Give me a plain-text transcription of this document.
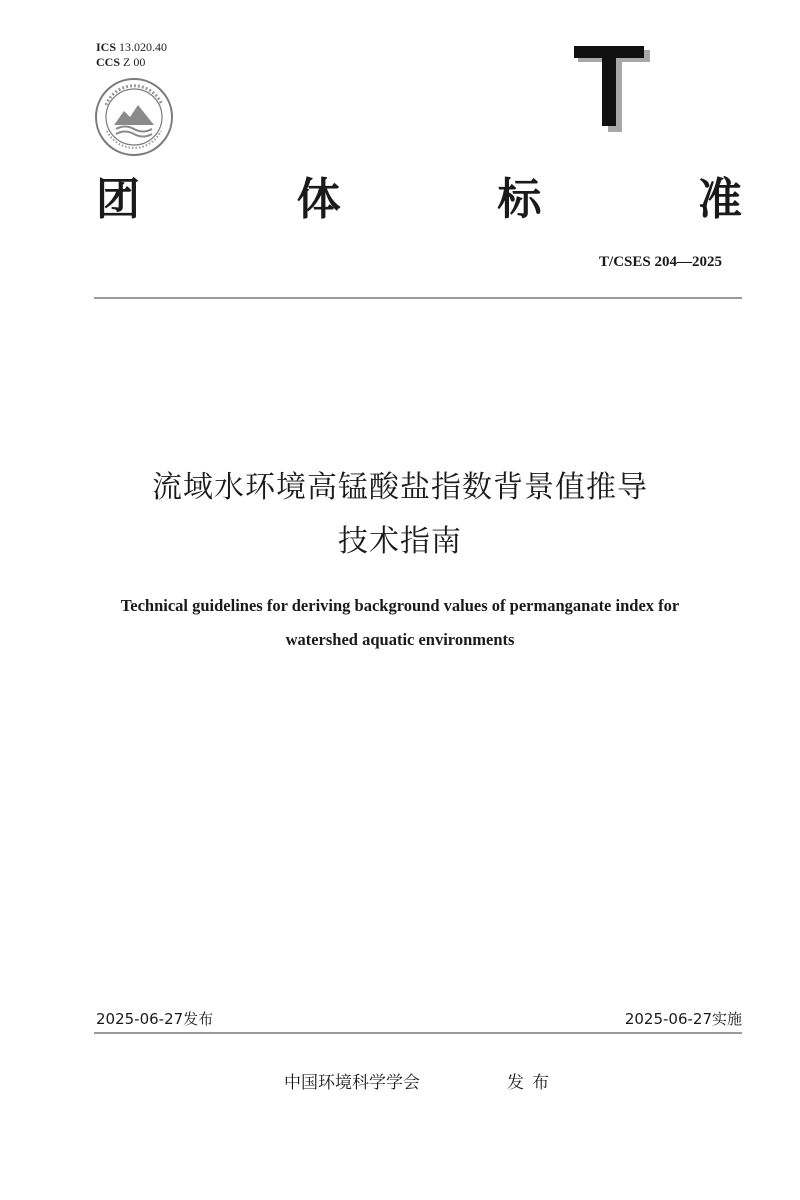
ICS 13.020.40
CCS Z 00
团	体	标	准
T/CSES 204—2025
流域水环境高锰酸盐指数背景值推导
技术指南
Technical guidelines for deriving background values of permanganate index for
watershed aquatic environments
2025-06-27发布	2025-06-27实施
中国环境科学学会	发布
